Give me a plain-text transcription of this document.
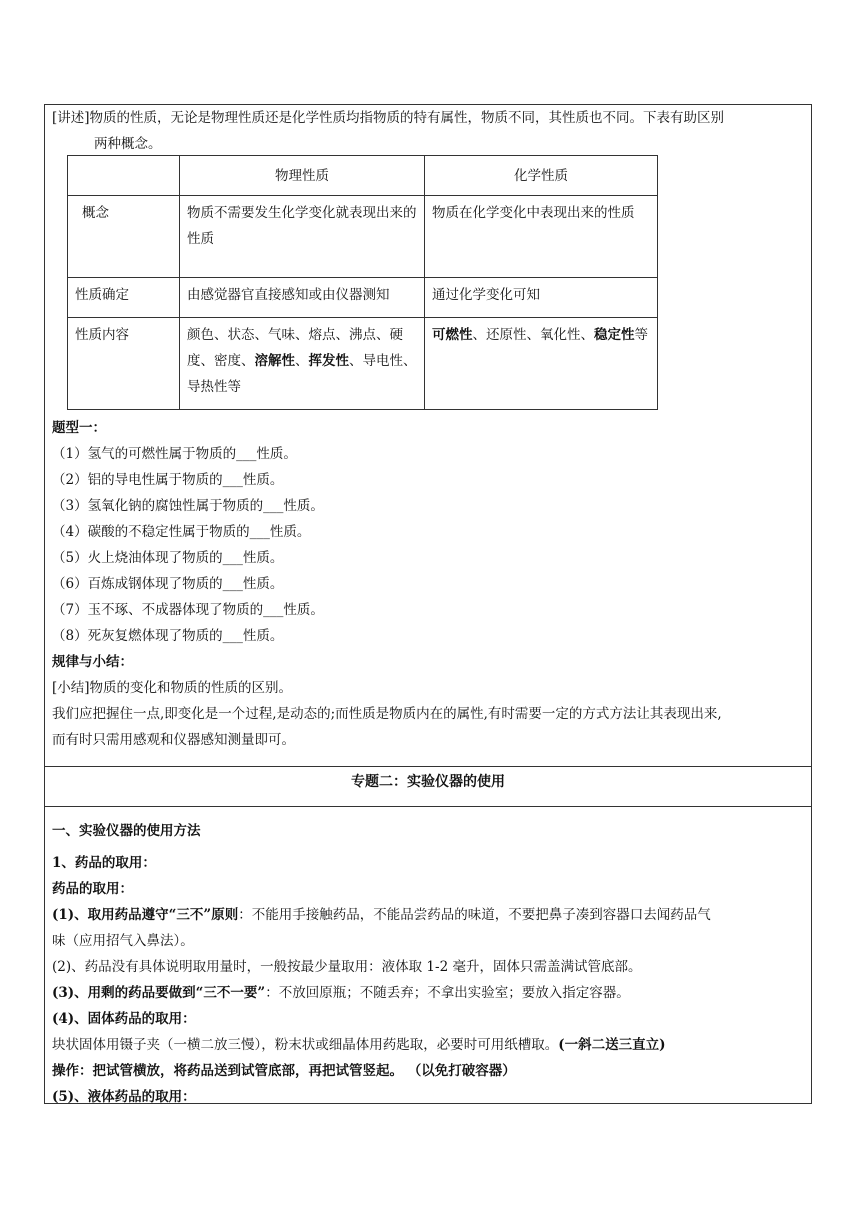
[讲述]物质的性质，无论是物理性质还是化学性质均指物质的特有属性，物质不同，其性质也不同。下表有助区别
两种概念。
	物理性质	化学性质
概念	物质不需要发生化学变化就表现出来的性质	物质在化学变化中表现出来的性质
性质确定	由感觉器官直接感知或由仪器测知	通过化学变化可知
性质内容	颜色、状态、气味、熔点、沸点、硬度、密度、溶解性、挥发性、导电性、导热性等	可燃性、还原性、氧化性、稳定性等
题型一：
（1）氢气的可燃性属于物质的___性质。
（2）铝的导电性属于物质的___性质。
（3）氢氧化钠的腐蚀性属于物质的___性质。
（4）碳酸的不稳定性属于物质的___性质。
（5）火上烧油体现了物质的___性质。
（6）百炼成钢体现了物质的___性质。
（7）玉不琢、不成器体现了物质的___性质。
（8）死灰复燃体现了物质的___性质。
规律与小结：
[小结]物质的变化和物质的性质的区别。
我们应把握住一点,即变化是一个过程,是动态的;而性质是物质内在的属性,有时需要一定的方式方法让其表现出来,
而有时只需用感观和仪器感知测量即可。
专题二：实验仪器的使用
一、实验仪器的使用方法
1、药品的取用：
药品的取用：
(1)、取用药品遵守“三不”原则：不能用手接触药品，不能品尝药品的味道，不要把鼻子凑到容器口去闻药品气
味（应用招气入鼻法）。
(2)、药品没有具体说明取用量时，一般按最少量取用：液体取 1-2 毫升，固体只需盖满试管底部。
(3)、用剩的药品要做到“三不一要”：不放回原瓶；不随丢弃；不拿出实验室；要放入指定容器。
(4)、固体药品的取用：
块状固体用镊子夹（一横二放三慢），粉末状或细晶体用药匙取，必要时可用纸槽取。(一斜二送三直立)
操作：把试管横放，将药品送到试管底部，再把试管竖起。 （以免打破容器）
(5)、液体药品的取用：
